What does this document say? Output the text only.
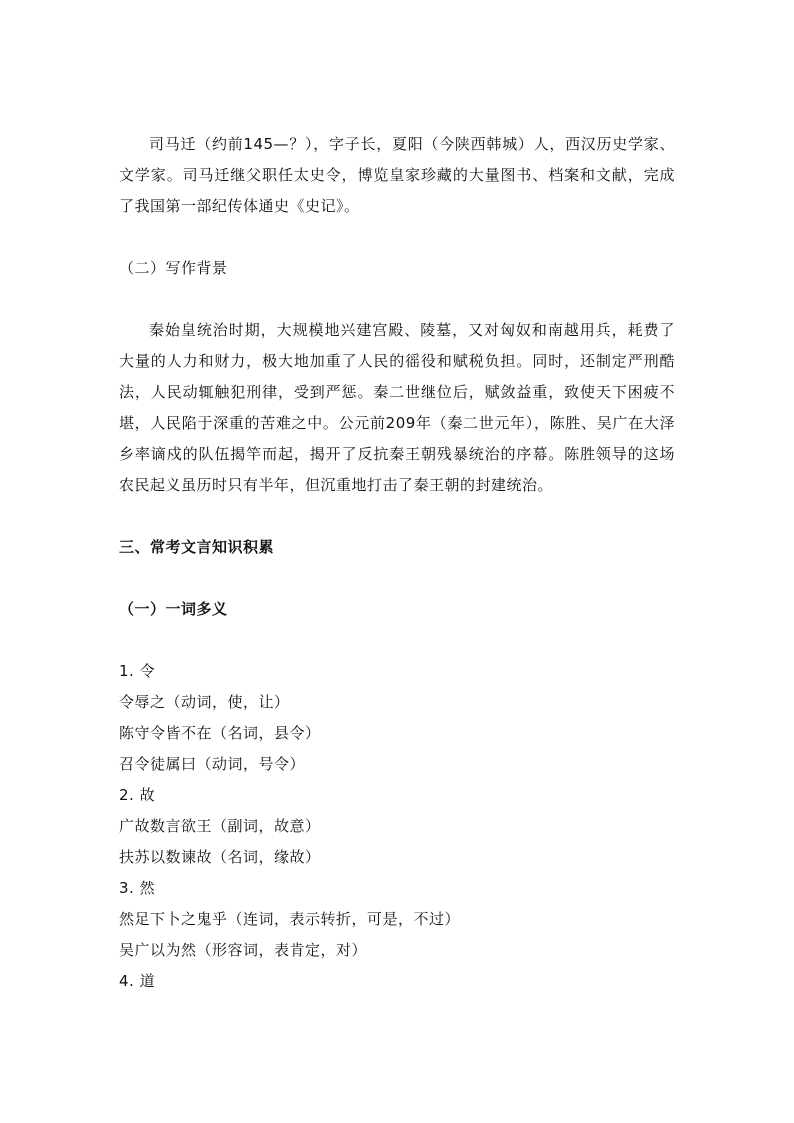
司马迁（约前145—？），字子长，夏阳（今陕西韩城）人，西汉历史学家、文学家。司马迁继父职任太史令，博览皇家珍藏的大量图书、档案和文献，完成了我国第一部纪传体通史《史记》。

（二）写作背景

秦始皇统治时期，大规模地兴建宫殿、陵墓，又对匈奴和南越用兵，耗费了大量的人力和财力，极大地加重了人民的徭役和赋税负担。同时，还制定严刑酷法，人民动辄触犯刑律，受到严惩。秦二世继位后，赋敛益重，致使天下困疲不堪，人民陷于深重的苦难之中。公元前209年（秦二世元年），陈胜、吴广在大泽乡率谪戍的队伍揭竿而起，揭开了反抗秦王朝残暴统治的序幕。陈胜领导的这场农民起义虽历时只有半年，但沉重地打击了秦王朝的封建统治。

三、常考文言知识积累

（一）一词多义

1. 令

令辱之（动词，使，让）

陈守令皆不在（名词，县令）

召令徒属曰（动词，号令）

2. 故

广故数言欲王（副词，故意）

扶苏以数谏故（名词，缘故）

3. 然

然足下卜之鬼乎（连词，表示转折，可是，不过）

吴广以为然（形容词，表肯定，对）

4. 道
